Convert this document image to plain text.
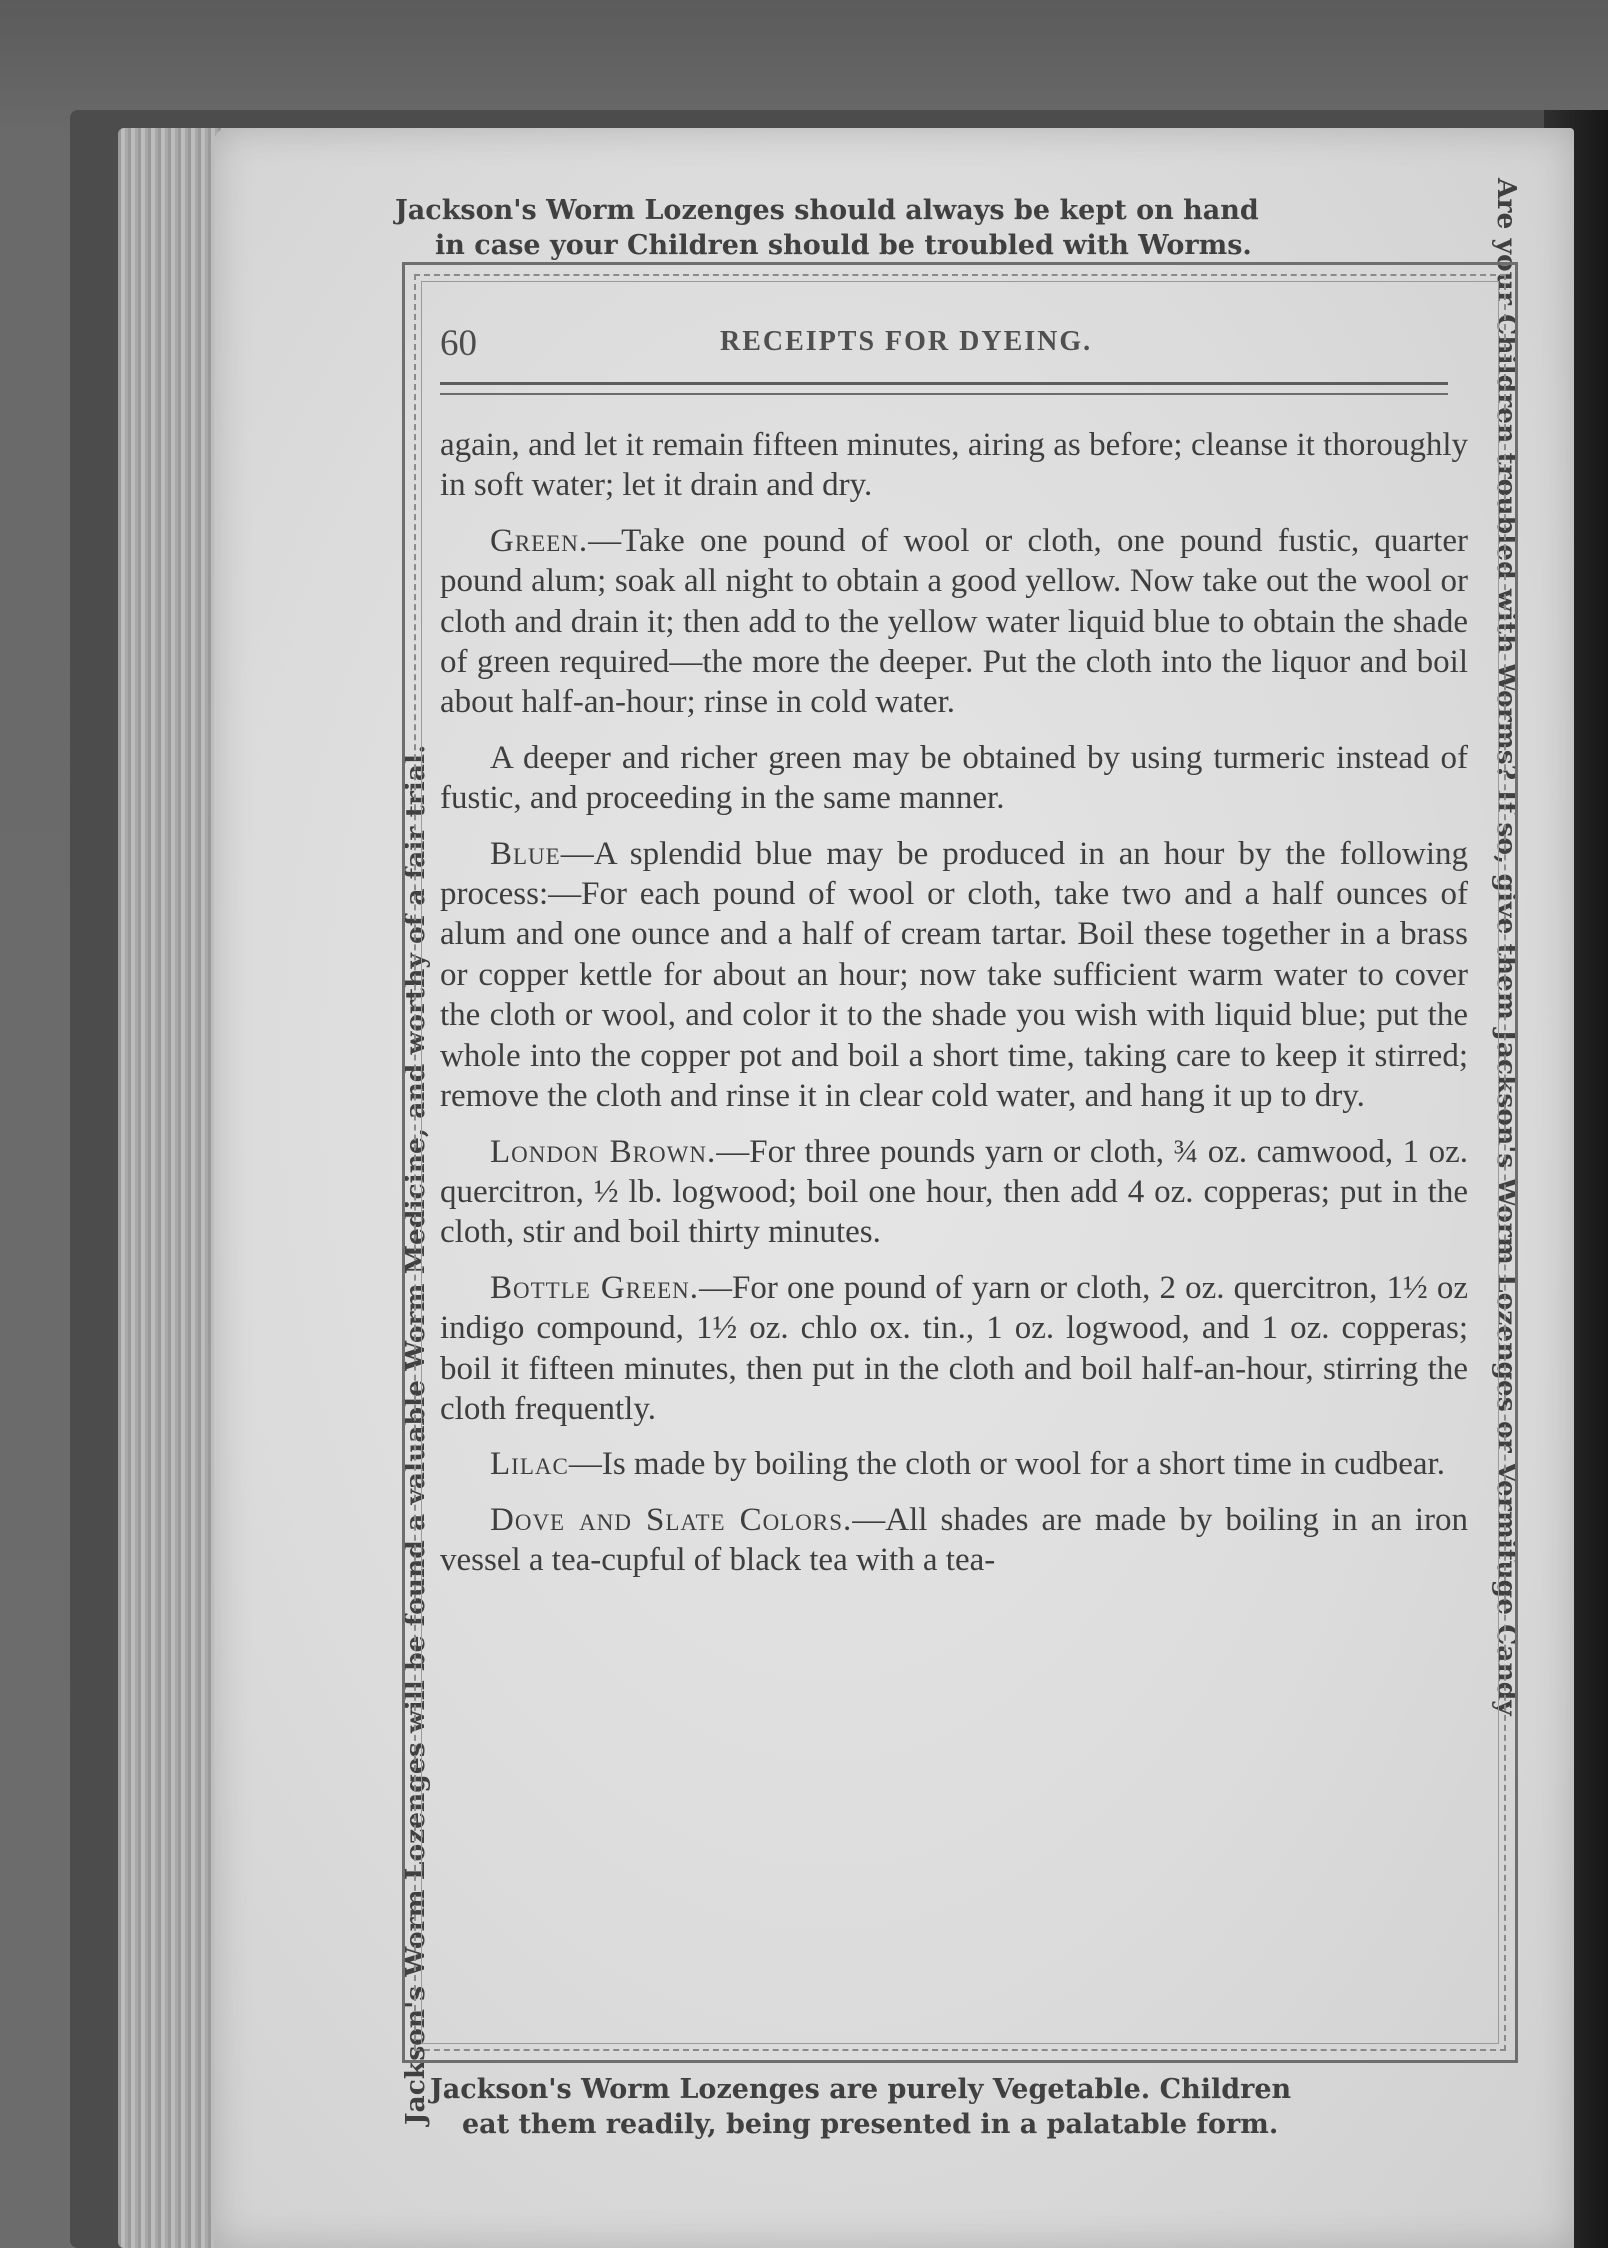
Jackson's Worm Lozenges should always be kept on hand
in case your Children should be troubled with Worms.
Jackson's Worm Lozenges will be found a valuable Worm Medicine, and worthy of a fair trial.	Are your Children troubled with Worms? If so, give them Jackson's Worm Lozenges or Vermifuge Candy
60	RECEIPTS FOR DYEING.

again, and let it remain fifteen minutes, airing as before; cleanse it thoroughly in soft water; let it drain and dry.

Green.—Take one pound of wool or cloth, one pound fustic, quarter pound alum; soak all night to obtain a good yellow. Now take out the wool or cloth and drain it; then add to the yellow water liquid blue to obtain the shade of green required—the more the deeper. Put the cloth into the liquor and boil about half-an-hour; rinse in cold water.

A deeper and richer green may be obtained by using turmeric instead of fustic, and proceeding in the same manner.

Blue—A splendid blue may be produced in an hour by the following process:—For each pound of wool or cloth, take two and a half ounces of alum and one ounce and a half of cream tartar. Boil these together in a brass or copper kettle for about an hour; now take sufficient warm water to cover the cloth or wool, and color it to the shade you wish with liquid blue; put the whole into the copper pot and boil a short time, taking care to keep it stirred; remove the cloth and rinse it in clear cold water, and hang it up to dry.

London Brown.—For three pounds yarn or cloth, ¾ oz. camwood, 1 oz. quercitron, ½ lb. logwood; boil one hour, then add 4 oz. copperas; put in the cloth, stir and boil thirty minutes.

Bottle Green.—For one pound of yarn or cloth, 2 oz. quercitron, 1½ oz indigo compound, 1½ oz. chlo ox. tin., 1 oz. logwood, and 1 oz. copperas; boil it fifteen minutes, then put in the cloth and boil half-an-hour, stirring the cloth frequently.

Lilac—Is made by boiling the cloth or wool for a short time in cudbear.

Dove and Slate Colors.—All shades are made by boiling in an iron vessel a tea-cupful of black tea with a tea-

Jackson's Worm Lozenges are purely Vegetable. Children
eat them readily, being presented in a palatable form.
